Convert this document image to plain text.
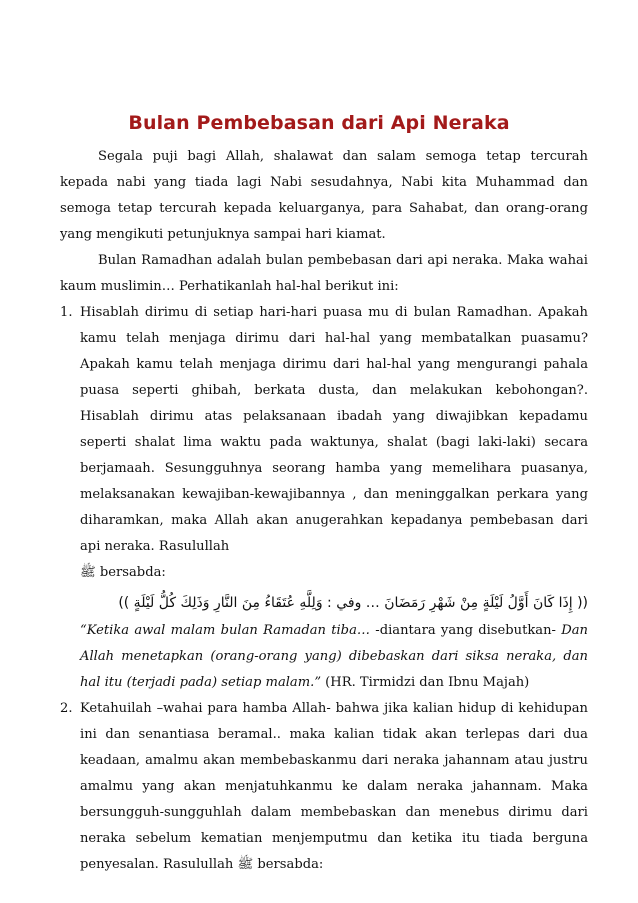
Bulan Pembebasan dari Api Neraka

Segala puji bagi Allah, shalawat dan salam semoga tetap tercurah kepada nabi yang tiada lagi Nabi sesudahnya, Nabi kita Muhammad dan semoga tetap tercurah kepada keluarganya, para Sahabat, dan orang-orang yang mengikuti petunjuknya sampai hari kiamat.

Bulan Ramadhan adalah bulan pembebasan dari api neraka. Maka wahai kaum muslimin… Perhatikanlah hal-hal berikut ini:

1. Hisablah dirimu di setiap hari-hari puasa mu di bulan Ramadhan. Apakah kamu telah menjaga dirimu dari hal-hal yang membatalkan puasamu? Apakah kamu telah menjaga dirimu dari hal-hal yang mengurangi pahala puasa seperti ghibah, berkata dusta, dan melakukan kebohongan?. Hisablah dirimu atas pelaksanaan ibadah yang diwajibkan kepadamu seperti shalat lima waktu pada waktunya, shalat (bagi laki-laki) secara berjamaah. Sesungguhnya seorang hamba yang memelihara puasanya, melaksanakan kewajiban-kewajibannya , dan meninggalkan perkara yang diharamkan, maka Allah akan anugerahkan kepadanya pembebasan dari api neraka. Rasulullah
ﷺ bersabda:

(( إِذَا كَانَ أَوَّلُ لَيْلَةٍ مِنْ شَهْرِ رَمَضَانَ … وفي : وَلِلَّهِ عُتَقَاءُ مِنَ النَّارِ وَذَلِكَ كُلُّ لَيْلَةٍ ))

“Ketika awal malam bulan Ramadan tiba… -diantara yang disebutkan- Dan Allah menetapkan (orang-orang yang) dibebaskan dari siksa neraka, dan hal itu (terjadi pada) setiap malam.” (HR. Tirmidzi dan Ibnu Majah)

2. Ketahuilah –wahai para hamba Allah- bahwa jika kalian hidup di kehidupan ini dan senantiasa beramal.. maka kalian tidak akan terlepas dari dua keadaan, amalmu akan membebaskanmu dari neraka jahannam atau justru amalmu yang akan menjatuhkanmu ke dalam neraka jahannam. Maka bersungguh-sungguhlah dalam membebaskan dan menebus dirimu dari neraka sebelum kematian menjemputmu dan ketika itu tiada berguna penyesalan. Rasulullah ﷺ bersabda:
